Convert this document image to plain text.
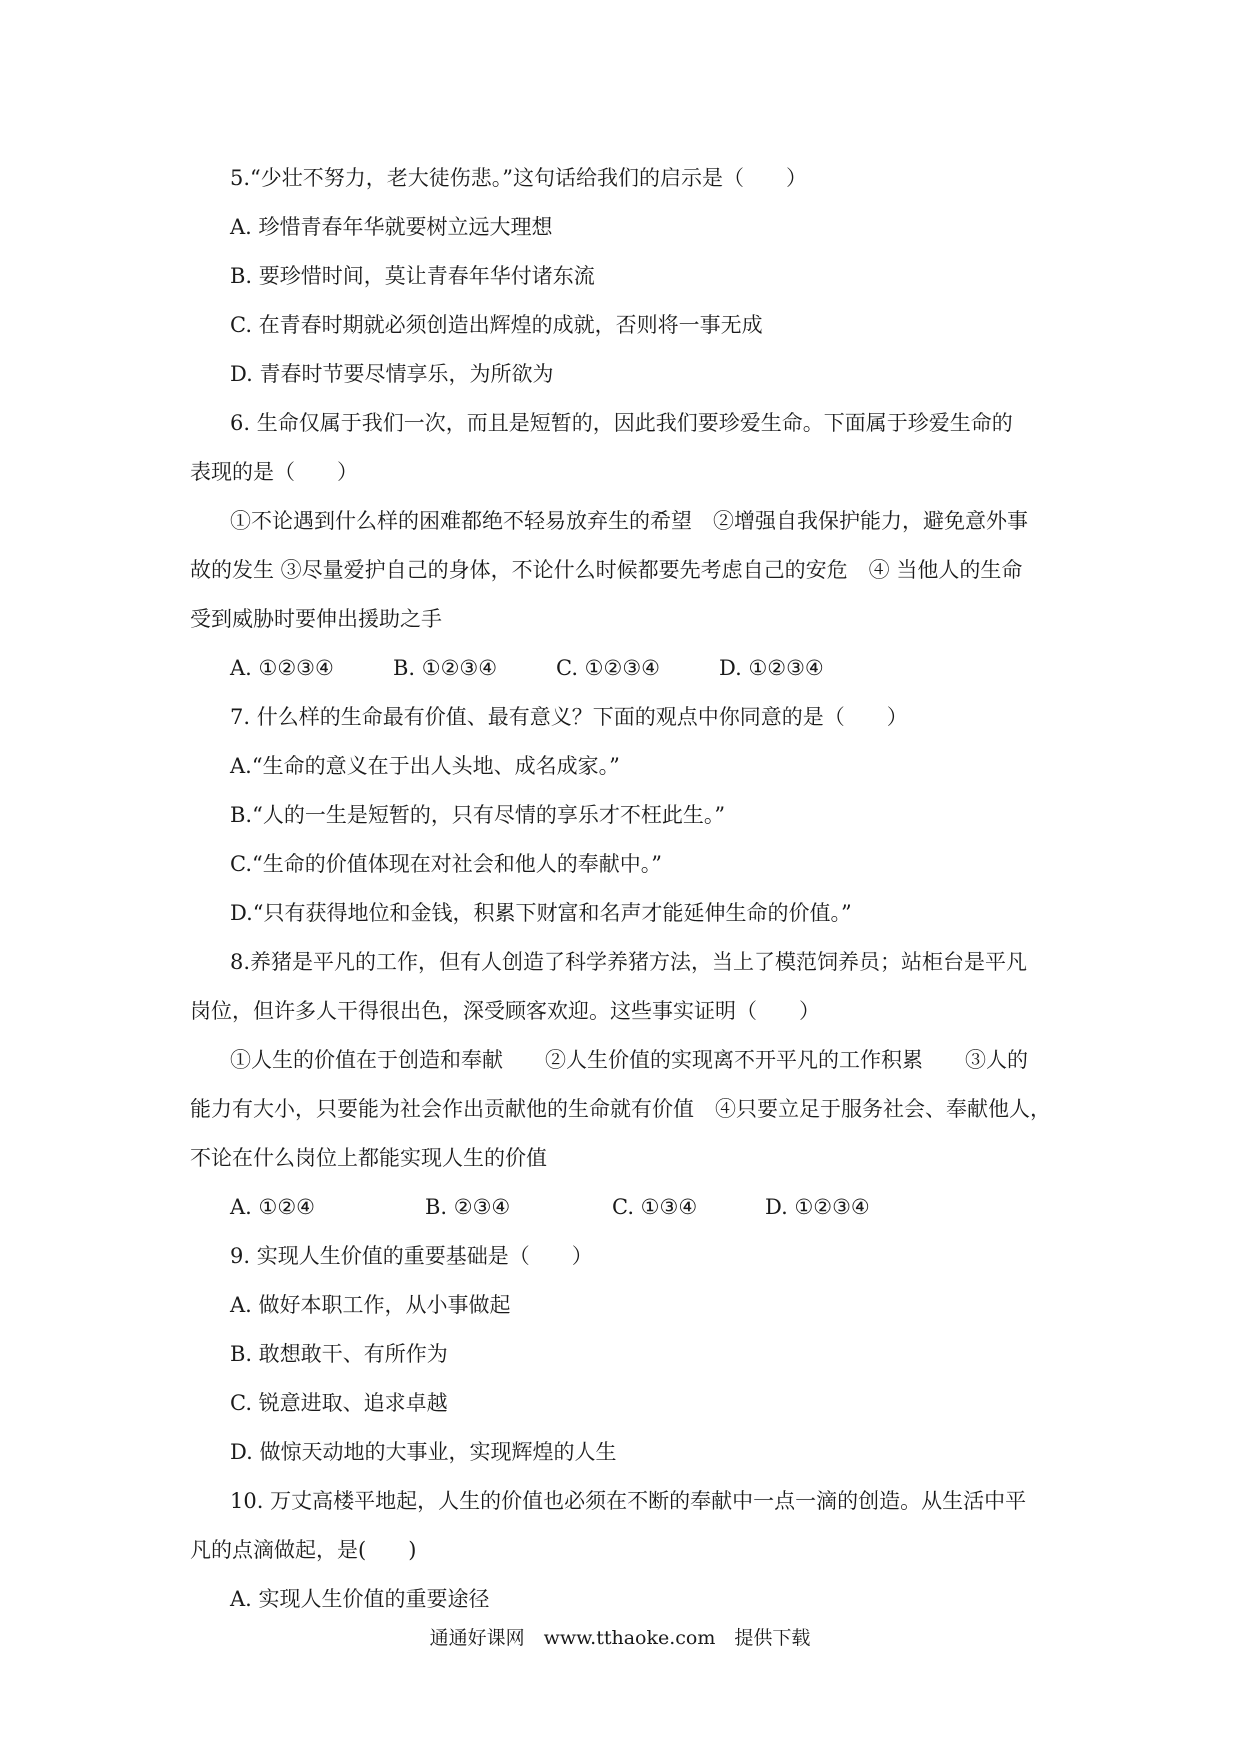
5.“少壮不努力，老大徒伤悲。”这句话给我们的启示是（　　）
A. 珍惜青春年华就要树立远大理想
B. 要珍惜时间，莫让青春年华付诸东流
C. 在青春时期就必须创造出辉煌的成就，否则将一事无成
D. 青春时节要尽情享乐，为所欲为
6. 生命仅属于我们一次，而且是短暂的，因此我们要珍爱生命。下面属于珍爱生命的
表现的是（　　）
①不论遇到什么样的困难都绝不轻易放弃生的希望　②增强自我保护能力，避免意外事
故的发生 ③尽量爱护自己的身体，不论什么时候都要先考虑自己的安危　④ 当他人的生命
受到威胁时要伸出援助之手
A. ①②③④	B. ①②③④	C. ①②③④	D. ①②③④
7. 什么样的生命最有价值、最有意义？下面的观点中你同意的是（　　）
A.“生命的意义在于出人头地、成名成家。”
B.“人的一生是短暂的，只有尽情的享乐才不枉此生。”
C.“生命的价值体现在对社会和他人的奉献中。”
D.“只有获得地位和金钱，积累下财富和名声才能延伸生命的价值。”
8.养猪是平凡的工作，但有人创造了科学养猪方法，当上了模范饲养员；站柜台是平凡
岗位，但许多人干得很出色，深受顾客欢迎。这些事实证明（　　）
①人生的价值在于创造和奉献　　②人生价值的实现离不开平凡的工作积累　　③人的
能力有大小，只要能为社会作出贡献他的生命就有价值　④只要立足于服务社会、奉献他人，
不论在什么岗位上都能实现人生的价值
A. ①②④	B. ②③④	C. ①③④	D. ①②③④
9. 实现人生价值的重要基础是（　　）
A. 做好本职工作，从小事做起
B. 敢想敢干、有所作为
C. 锐意进取、追求卓越
D. 做惊天动地的大事业，实现辉煌的人生
10. 万丈高楼平地起，人生的价值也必须在不断的奉献中一点一滴的创造。从生活中平
凡的点滴做起，是(　　)
A. 实现人生价值的重要途径
通通好课网　www.tthaoke.com　提供下载
